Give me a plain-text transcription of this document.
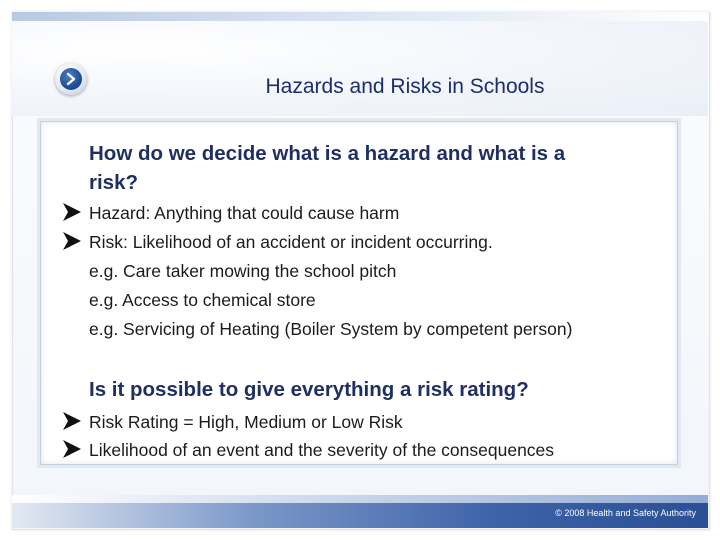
Hazards and Risks in Schools
How do we decide what is a hazard and what is a
risk?
Hazard: Anything that could cause harm
Risk: Likelihood of an accident or incident occurring.
e.g. Care taker mowing the school pitch
e.g. Access to chemical store
e.g. Servicing of Heating (Boiler System by competent person)
Is it possible to give everything a risk rating?
Risk Rating = High, Medium or Low Risk
Likelihood of an event and the severity of the consequences
© 2008 Health and Safety Authority
